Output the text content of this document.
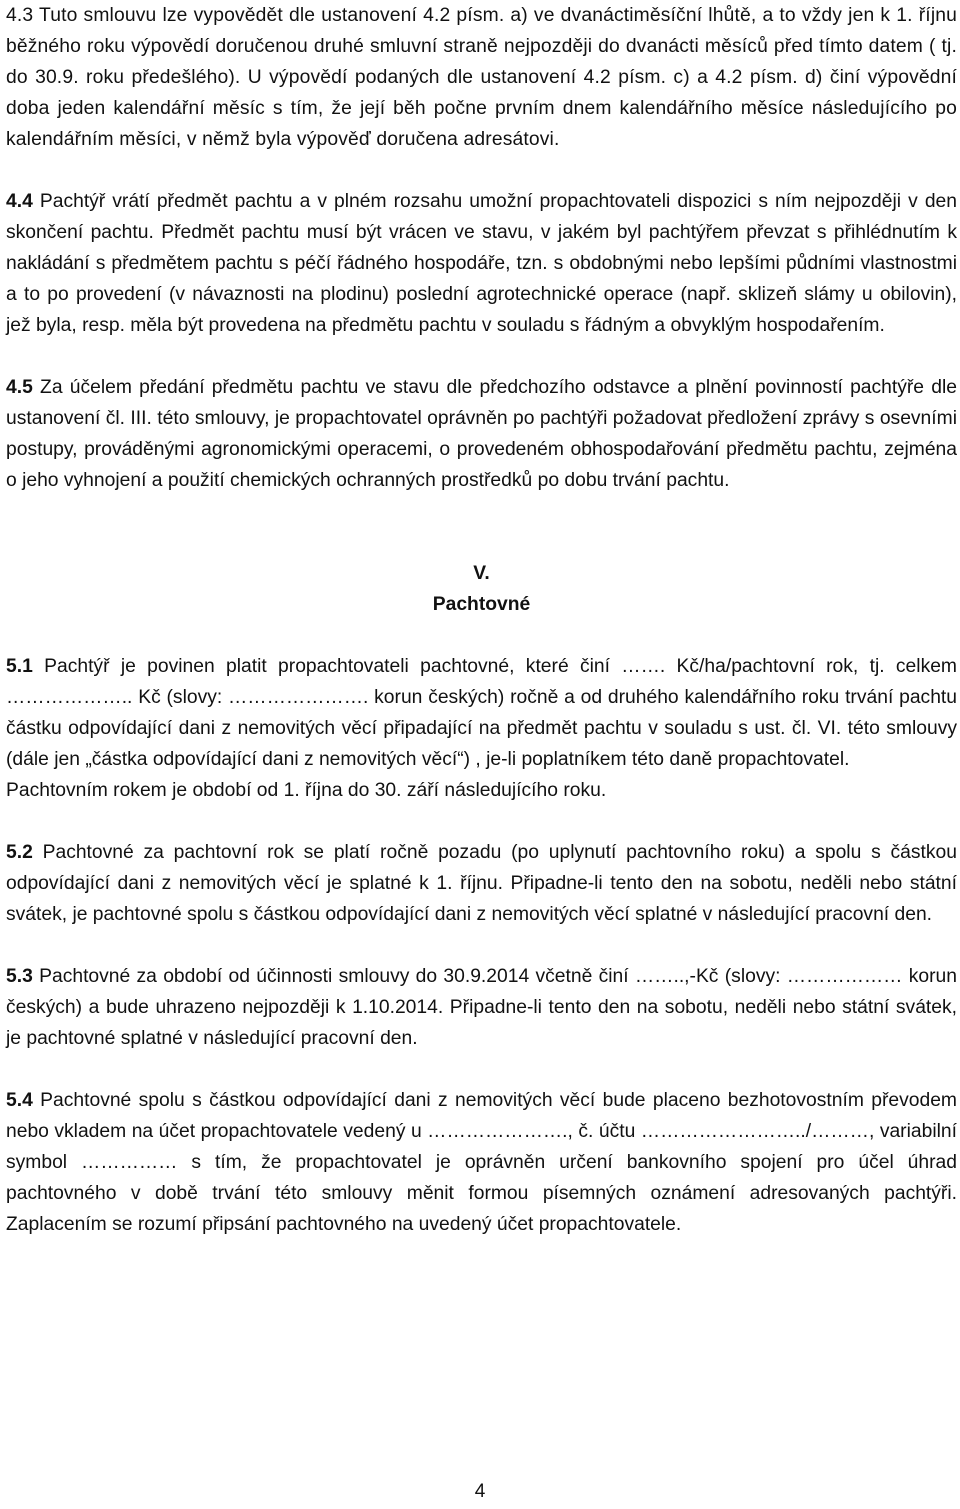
4.3 Tuto smlouvu lze vypovědět dle ustanovení 4.2 písm. a) ve dvanáctiměsíční lhůtě, a to vždy jen k 1. říjnu běžného roku výpovědí doručenou druhé smluvní straně nejpozději do dvanácti měsíců před tímto datem ( tj. do 30.9. roku předešlého). U výpovědí podaných dle ustanovení 4.2 písm. c) a 4.2 písm. d) činí výpovědní doba jeden kalendářní měsíc s tím, že její běh počne prvním dnem kalendářního měsíce následujícího po kalendářním měsíci, v němž byla výpověď doručena adresátovi.

4.4 Pachtýř vrátí předmět pachtu a v plném rozsahu umožní propachtovateli dispozici s ním nejpozději v den skončení pachtu. Předmět pachtu musí být vrácen ve stavu, v jakém byl pachtýřem převzat s přihlédnutím k nakládání s předmětem pachtu s péčí řádného hospodáře, tzn. s obdobnými nebo lepšími půdními vlastnostmi a to po provedení (v návaznosti na plodinu) poslední agrotechnické operace (např. sklizeň slámy u obilovin), jež byla, resp. měla být provedena na předmětu pachtu v souladu s řádným a obvyklým hospodařením.

4.5 Za účelem předání předmětu pachtu ve stavu dle předchozího odstavce a plnění povinností pachtýře dle ustanovení čl. III. této smlouvy, je propachtovatel oprávněn po pachtýři požadovat předložení zprávy s osevními postupy, prováděnými agronomickými operacemi, o provedeném obhospodařování předmětu pachtu, zejména o jeho vyhnojení a použití chemických ochranných prostředků po dobu trvání pachtu.

V.

Pachtovné

5.1 Pachtýř je povinen platit propachtovateli pachtovné, které činí ……. Kč/ha/pachtovní rok, tj. celkem ……………….. Kč (slovy: …………………. korun českých) ročně a od druhého kalendářního roku trvání pachtu částku odpovídající dani z nemovitých věcí připadající na předmět pachtu v souladu s ust. čl. VI. této smlouvy (dále jen „částka odpovídající dani z nemovitých věcí“) , je-li poplatníkem této daně propachtovatel.
Pachtovním rokem je období od 1. října do 30. září následujícího roku.

5.2 Pachtovné za pachtovní rok se platí ročně pozadu (po uplynutí pachtovního roku) a spolu s částkou odpovídající dani z nemovitých věcí je splatné k 1. říjnu. Připadne-li tento den na sobotu, neděli nebo státní svátek, je pachtovné spolu s částkou odpovídající dani z nemovitých věcí splatné v následující pracovní den.

5.3 Pachtovné za období od účinnosti smlouvy do 30.9.2014 včetně činí ……..,-Kč (slovy: ……………… korun českých) a bude uhrazeno nejpozději k 1.10.2014. Připadne-li tento den na sobotu, neděli nebo státní svátek, je pachtovné splatné v následující pracovní den.

5.4 Pachtovné spolu s částkou odpovídající dani z nemovitých věcí bude placeno bezhotovostním převodem nebo vkladem na účet propachtovatele vedený u …………………., č. účtu ……………………../………, variabilní symbol …………… s tím, že propachtovatel je oprávněn určení bankovního spojení pro účel úhrad pachtovného v době trvání této smlouvy měnit formou písemných oznámení adresovaných pachtýři. Zaplacením se rozumí připsání pachtovného na uvedený účet propachtovatele.

4
